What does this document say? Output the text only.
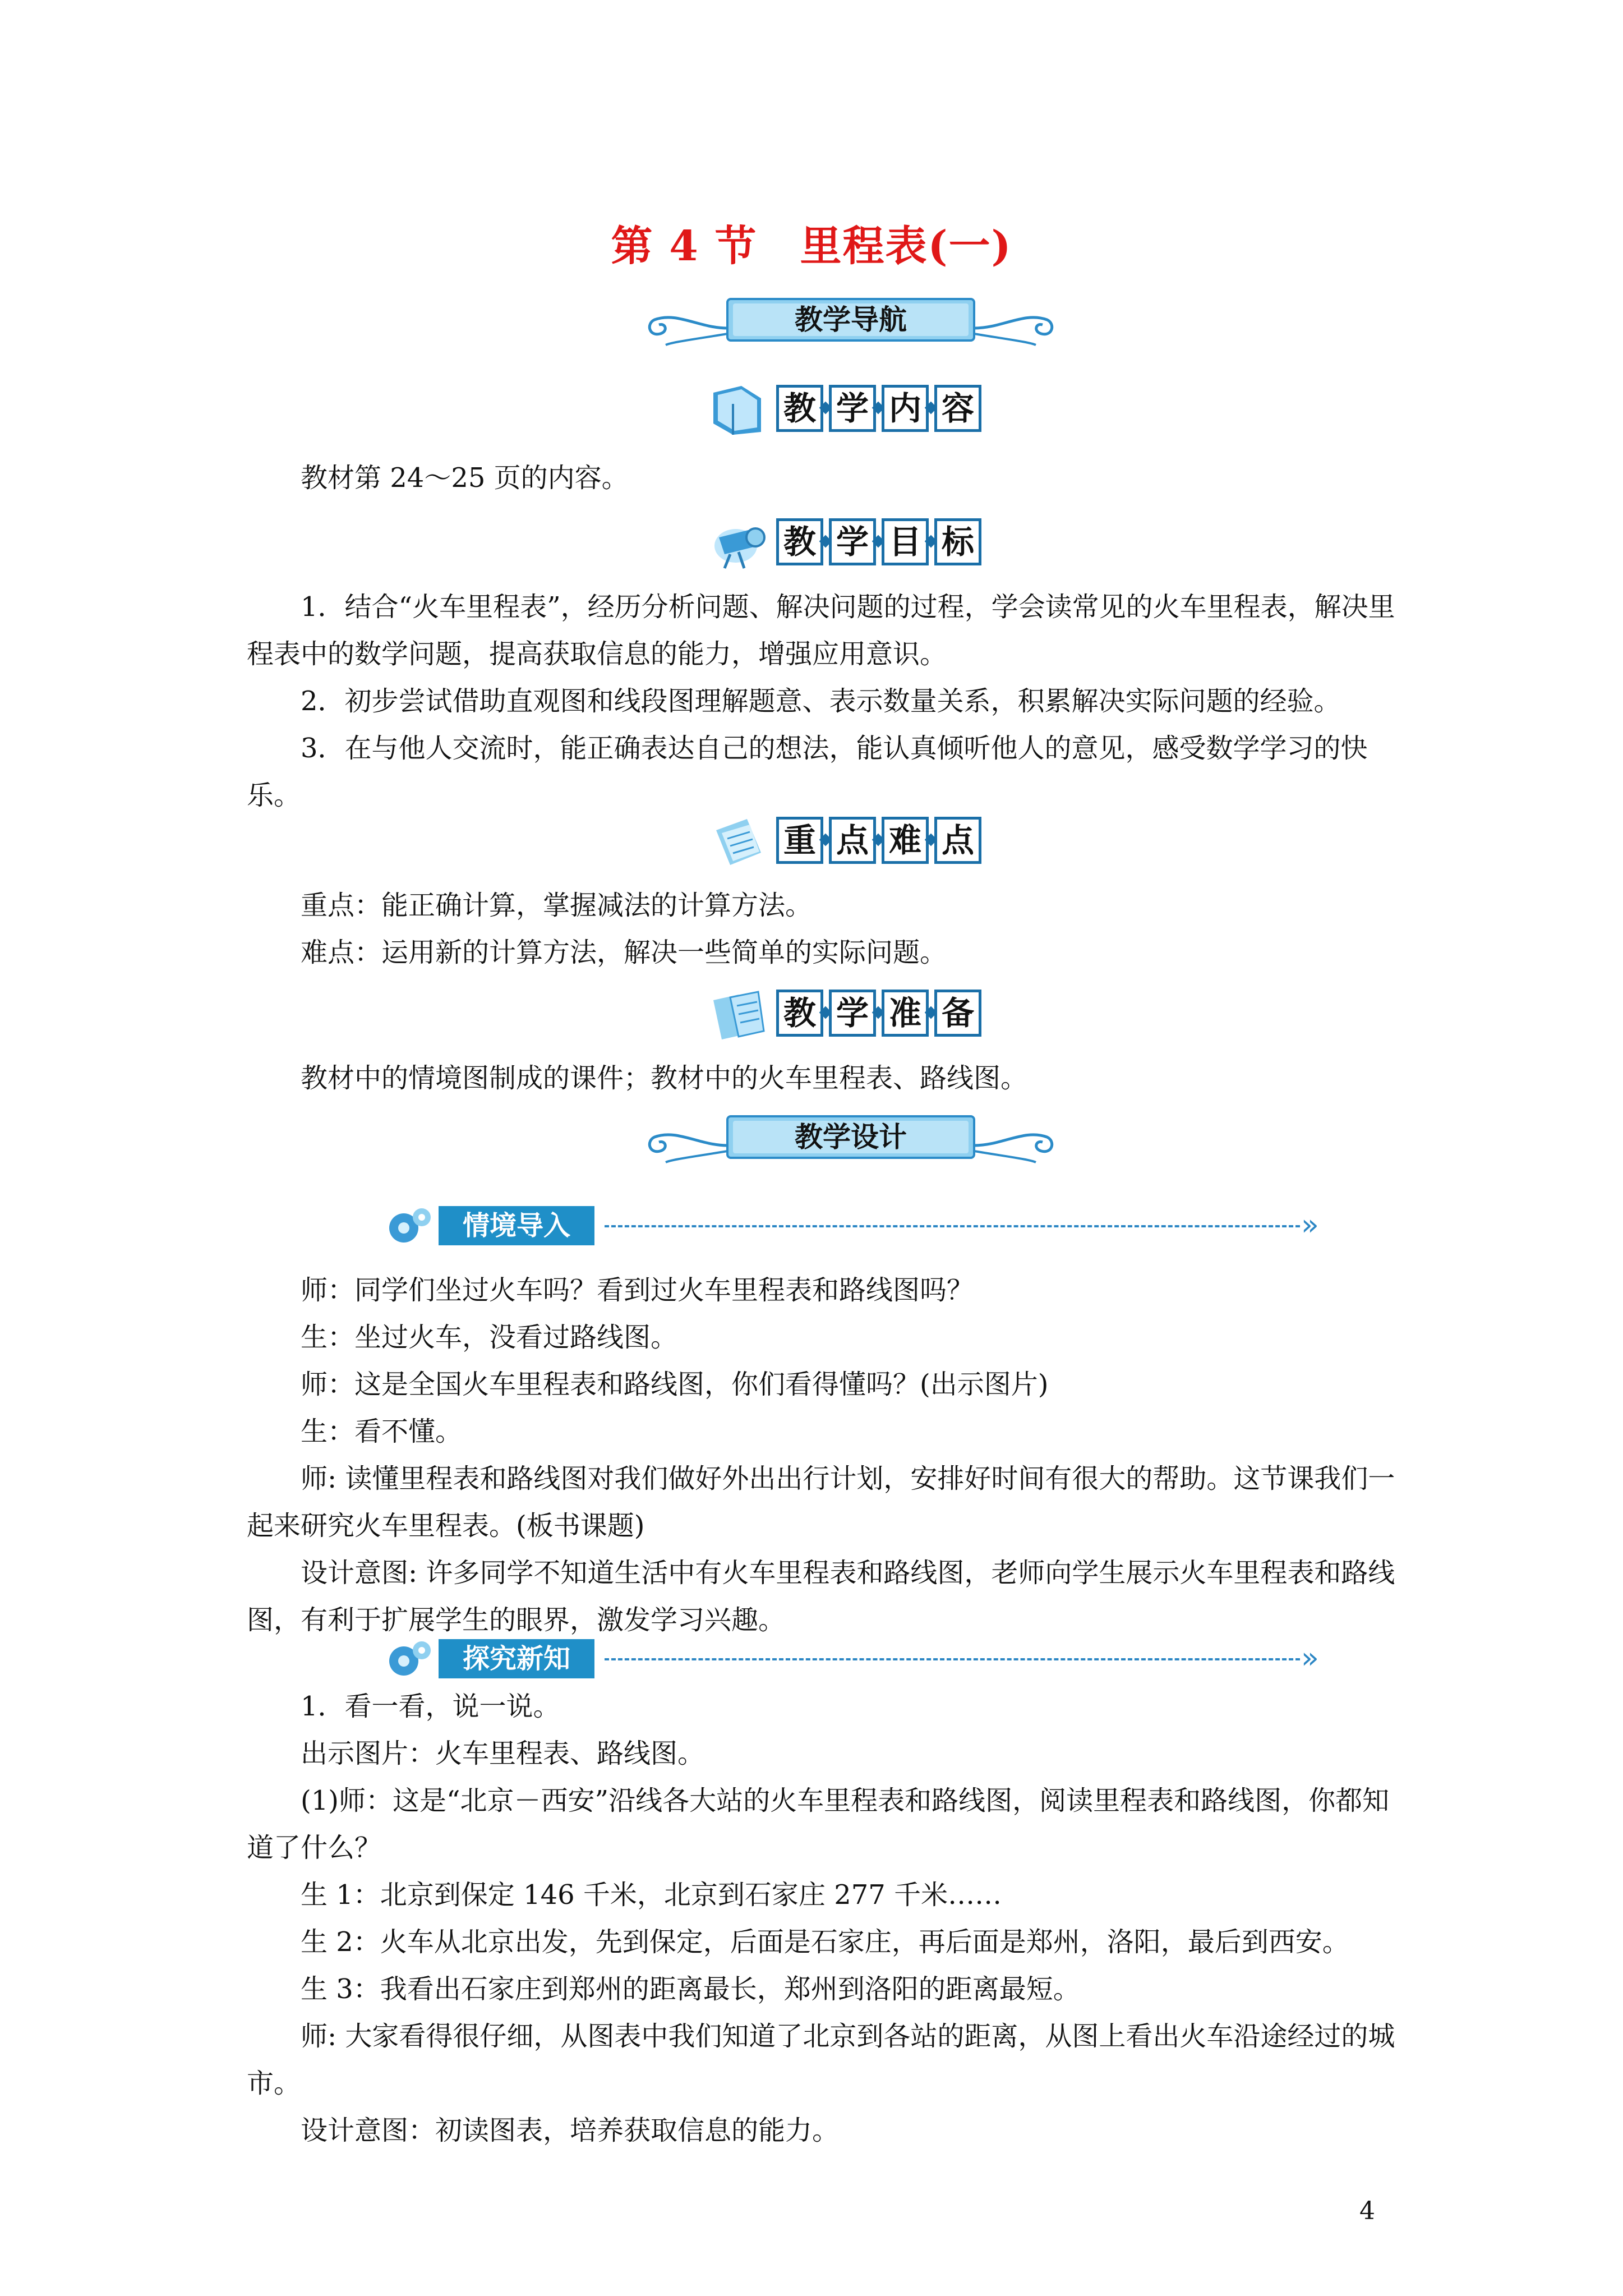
第 4 节　里程表(一)
教学导航
教 学 内 容

教材第 24～25 页的内容。

教 学 目 标

1．结合“火车里程表”，经历分析问题、解决问题的过程，学会读常见的火车里程表，解决里程表中的数学问题，提高获取信息的能力，增强应用意识。

2．初步尝试借助直观图和线段图理解题意、表示数量关系，积累解决实际问题的经验。

3．在与他人交流时，能正确表达自己的想法，能认真倾听他人的意见，感受数学学习的快乐。

重 点 难 点

重点：能正确计算，掌握减法的计算方法。

难点：运用新的计算方法，解决一些简单的实际问题。

教 学 准 备

教材中的情境图制成的课件；教材中的火车里程表、路线图。

教学设计
情境导入	»

师：同学们坐过火车吗？看到过火车里程表和路线图吗？

生：坐过火车，没看过路线图。

师：这是全国火车里程表和路线图，你们看得懂吗？(出示图片)

生：看不懂。

师: 读懂里程表和路线图对我们做好外出出行计划，安排好时间有很大的帮助。这节课我们一起来研究火车里程表。(板书课题)

设计意图: 许多同学不知道生活中有火车里程表和路线图，老师向学生展示火车里程表和路线图，有利于扩展学生的眼界，激发学习兴趣。

探究新知	»

1．看一看，说一说。

出示图片：火车里程表、路线图。

(1)师：这是“北京－西安”沿线各大站的火车里程表和路线图，阅读里程表和路线图，你都知道了什么？

生 1：北京到保定 146 千米，北京到石家庄 277 千米……

生 2：火车从北京出发，先到保定，后面是石家庄，再后面是郑州，洛阳，最后到西安。

生 3：我看出石家庄到郑州的距离最长，郑州到洛阳的距离最短。

师: 大家看得很仔细，从图表中我们知道了北京到各站的距离，从图上看出火车沿途经过的城市。

设计意图：初读图表，培养获取信息的能力。

4
